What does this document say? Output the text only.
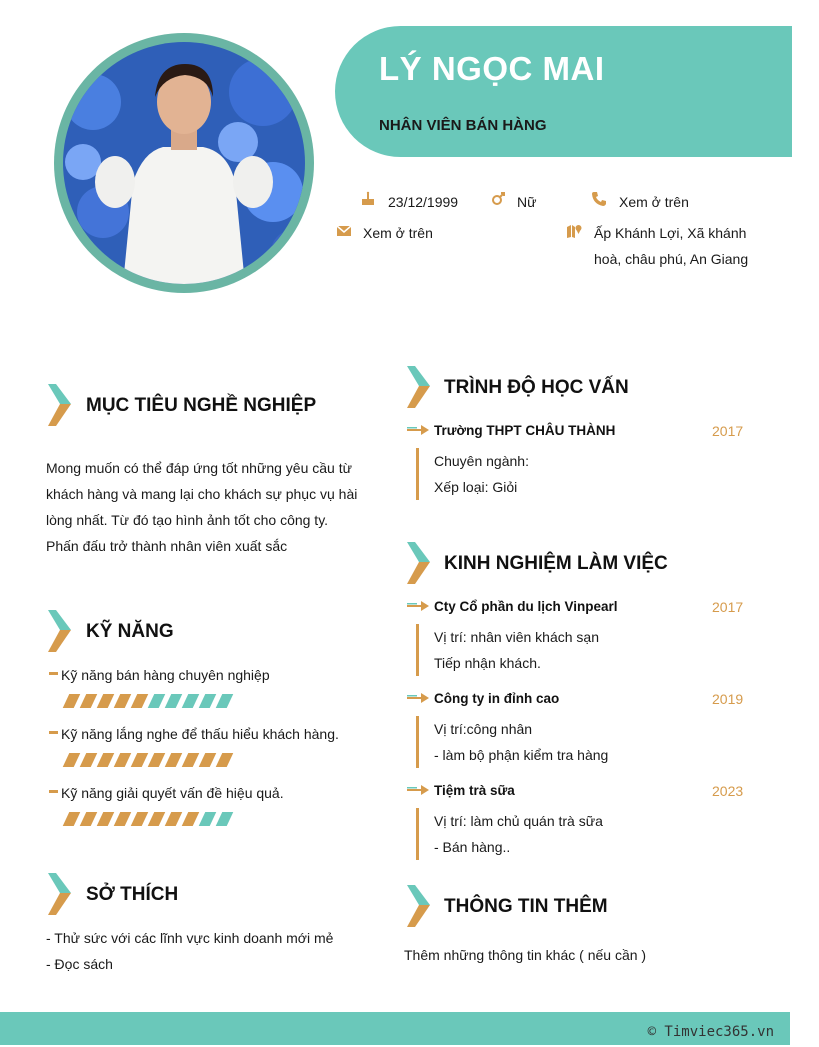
LÝ NGỌC MAI
NHÂN VIÊN BÁN HÀNG
23/12/1999	Nữ	Xem ở trên
Xem ở trên	Ấp Khánh Lợi, Xã khánh
hoà, châu phú, An Giang
MỤC TIÊU NGHỀ NGHIỆP
Mong muốn có thể đáp ứng tốt những yêu cầu từ
khách hàng và mang lại cho khách sự phục vụ hài
lòng nhất. Từ đó tạo hình ảnh tốt cho công ty.
Phấn đấu trở thành nhân viên xuất sắc
KỸ NĂNG
Kỹ năng bán hàng chuyên nghiệp
Kỹ năng lắng nghe để thấu hiểu khách hàng.
Kỹ năng giải quyết vấn đề hiệu quả.
SỞ THÍCH
- Thử sức với các lĩnh vực kinh doanh mới mẻ
- Đọc sách
TRÌNH ĐỘ HỌC VẤN
Trường THPT CHÂU THÀNH	2017
Chuyên ngành:
Xếp loại: Giỏi
KINH NGHIỆM LÀM VIỆC
Cty Cổ phần du lịch Vinpearl	2017
Vị trí: nhân viên khách sạn
Tiếp nhận khách.
Công ty in đỉnh cao	2019
Vị trí:công nhân
- làm bộ phận kiểm tra hàng
Tiệm trà sữa	2023
Vị trí: làm chủ quán trà sữa
- Bán hàng..
THÔNG TIN THÊM
Thêm những thông tin khác ( nếu cần )
© Timviec365.vn
